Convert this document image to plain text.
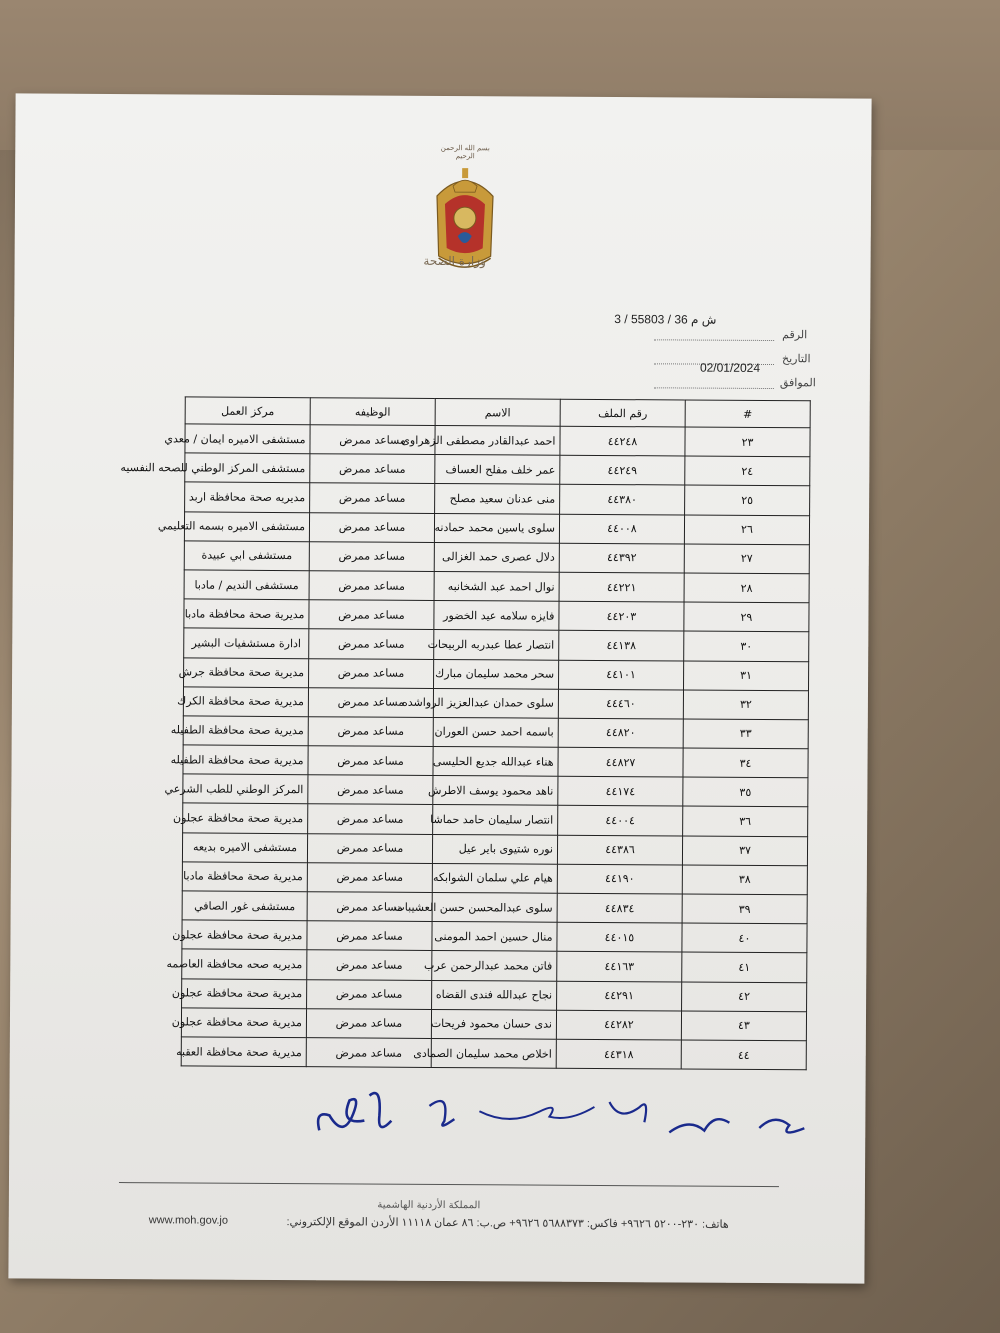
بسم الله الرحمن الرحيم
وزارة الصحة
ش م 36 / 55803 / 3
الرقم
التاريخ
02/01/2024
الموافق
#	رقم الملف	الاسم	الوظيفه	مركز العمل
٢٣	٤٤٢٤٨	احمد عبدالقادر مصطفى الزهراوى	مساعد ممرض	مستشفى الاميره ايمان / معدي
٢٤	٤٤٢٤٩	عمر خلف مفلح العساف	مساعد ممرض	مستشفى المركز الوطني للصحه النفسيه
٢٥	٤٤٣٨٠	منى عدنان سعيد مصلح	مساعد ممرض	مديريه صحة محافظة اربد
٢٦	٤٤٠٠٨	سلوى ياسين محمد حمادنه	مساعد ممرض	مستشفى الاميره بسمه التعليمي
٢٧	٤٤٣٩٢	دلال عصرى حمد الغزالى	مساعد ممرض	مستشفى ابي عبيدة
٢٨	٤٤٢٢١	نوال احمد عبد الشخانبه	مساعد ممرض	مستشفى النديم / مادبا
٢٩	٤٤٢٠٣	فايزه سلامه عيد الخضور	مساعد ممرض	مديرية صحة محافظة مادبا
٣٠	٤٤١٣٨	انتصار عطا عبدربه الربيحات	مساعد ممرض	ادارة مستشفيات البشير
٣١	٤٤١٠١	سحر محمد سليمان مبارك	مساعد ممرض	مديرية صحة محافظة جرش
٣٢	٤٤٤٦٠	سلوى حمدان عبدالعزيز الرواشده	مساعد ممرض	مديرية صحة محافظة الكرك
٣٣	٤٤٨٢٠	باسمه احمد حسن العوران	مساعد ممرض	مديرية صحة محافظة الطفيله
٣٤	٤٤٨٢٧	هناء عبدالله جديع الحليسى	مساعد ممرض	مديرية صحة محافظة الطفيله
٣٥	٤٤١٧٤	ناهد محمود يوسف الاطرش	مساعد ممرض	المركز الوطني للطب الشرعي
٣٦	٤٤٠٠٤	انتصار سليمان حامد حماشا	مساعد ممرض	مديرية صحة محافظة عجلون
٣٧	٤٤٣٨٦	نوره شتيوى باير عيل	مساعد ممرض	مستشفى الاميره بديعه
٣٨	٤٤١٩٠	هيام علي سلمان الشوابكه	مساعد ممرض	مديرية صحة محافظة مادبا
٣٩	٤٤٨٣٤	سلوى عبدالمحسن حسن العشيبات	مساعد ممرض	مستشفى غور الصافي
٤٠	٤٤٠١٥	منال حسين احمد المومنى	مساعد ممرض	مديرية صحة محافظة عجلون
٤١	٤٤١٦٣	فاتن محمد عبدالرحمن عرب	مساعد ممرض	مديريه صحه محافظة العاصمه
٤٢	٤٤٢٩١	نجاح عبدالله فندى القضاه	مساعد ممرض	مديرية صحة محافظة عجلون
٤٣	٤٤٢٨٢	ندى حسان محمود فريحات	مساعد ممرض	مديرية صحة محافظة عجلون
٤٤	٤٤٣١٨	اخلاص محمد سليمان الصمادى	مساعد ممرض	مديرية صحة محافظة العقبه
المملكة الأردنية الهاشمية
www.moh.gov.jo	هاتف: ٢٣٠-٥٢٠٠ ٩٦٢٦+ فاكس: ٥٦٨٨٣٧٣ ٩٦٢٦+ ص.ب: ٨٦ عمان ١١١١٨ الأردن الموقع الإلكتروني:
